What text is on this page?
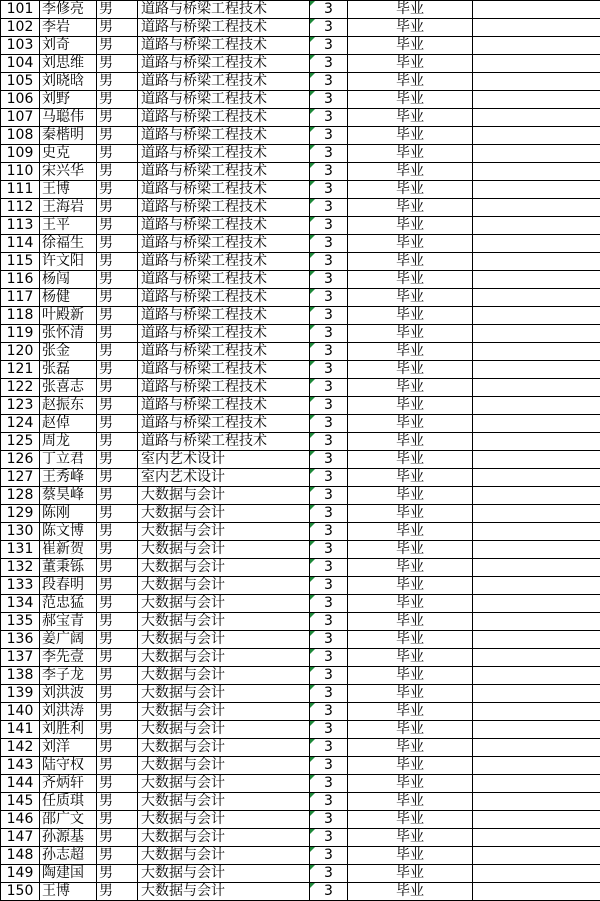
101	李修亮	男	道路与桥梁工程技术	3	毕业	
102	李岩	男	道路与桥梁工程技术	3	毕业	
103	刘奇	男	道路与桥梁工程技术	3	毕业	
104	刘思维	男	道路与桥梁工程技术	3	毕业	
105	刘晓晗	男	道路与桥梁工程技术	3	毕业	
106	刘野	男	道路与桥梁工程技术	3	毕业	
107	马聪伟	男	道路与桥梁工程技术	3	毕业	
108	秦楷明	男	道路与桥梁工程技术	3	毕业	
109	史克	男	道路与桥梁工程技术	3	毕业	
110	宋兴华	男	道路与桥梁工程技术	3	毕业	
111	王博	男	道路与桥梁工程技术	3	毕业	
112	王海岩	男	道路与桥梁工程技术	3	毕业	
113	王平	男	道路与桥梁工程技术	3	毕业	
114	徐福生	男	道路与桥梁工程技术	3	毕业	
115	许文阳	男	道路与桥梁工程技术	3	毕业	
116	杨闯	男	道路与桥梁工程技术	3	毕业	
117	杨健	男	道路与桥梁工程技术	3	毕业	
118	叶殿新	男	道路与桥梁工程技术	3	毕业	
119	张怀清	男	道路与桥梁工程技术	3	毕业	
120	张金	男	道路与桥梁工程技术	3	毕业	
121	张磊	男	道路与桥梁工程技术	3	毕业	
122	张喜志	男	道路与桥梁工程技术	3	毕业	
123	赵振东	男	道路与桥梁工程技术	3	毕业	
124	赵倬	男	道路与桥梁工程技术	3	毕业	
125	周龙	男	道路与桥梁工程技术	3	毕业	
126	丁立君	男	室内艺术设计	3	毕业	
127	王秀峰	男	室内艺术设计	3	毕业	
128	蔡昊峰	男	大数据与会计	3	毕业	
129	陈刚	男	大数据与会计	3	毕业	
130	陈文博	男	大数据与会计	3	毕业	
131	崔新贺	男	大数据与会计	3	毕业	
132	董秉铄	男	大数据与会计	3	毕业	
133	段春明	男	大数据与会计	3	毕业	
134	范忠猛	男	大数据与会计	3	毕业	
135	郝宝青	男	大数据与会计	3	毕业	
136	姜广阔	男	大数据与会计	3	毕业	
137	李先壹	男	大数据与会计	3	毕业	
138	李子龙	男	大数据与会计	3	毕业	
139	刘洪波	男	大数据与会计	3	毕业	
140	刘洪涛	男	大数据与会计	3	毕业	
141	刘胜利	男	大数据与会计	3	毕业	
142	刘洋	男	大数据与会计	3	毕业	
143	陆守权	男	大数据与会计	3	毕业	
144	齐炳轩	男	大数据与会计	3	毕业	
145	任质琪	男	大数据与会计	3	毕业	
146	邵广文	男	大数据与会计	3	毕业	
147	孙源基	男	大数据与会计	3	毕业	
148	孙志超	男	大数据与会计	3	毕业	
149	陶建国	男	大数据与会计	3	毕业	
150	王博	男	大数据与会计	3	毕业	
